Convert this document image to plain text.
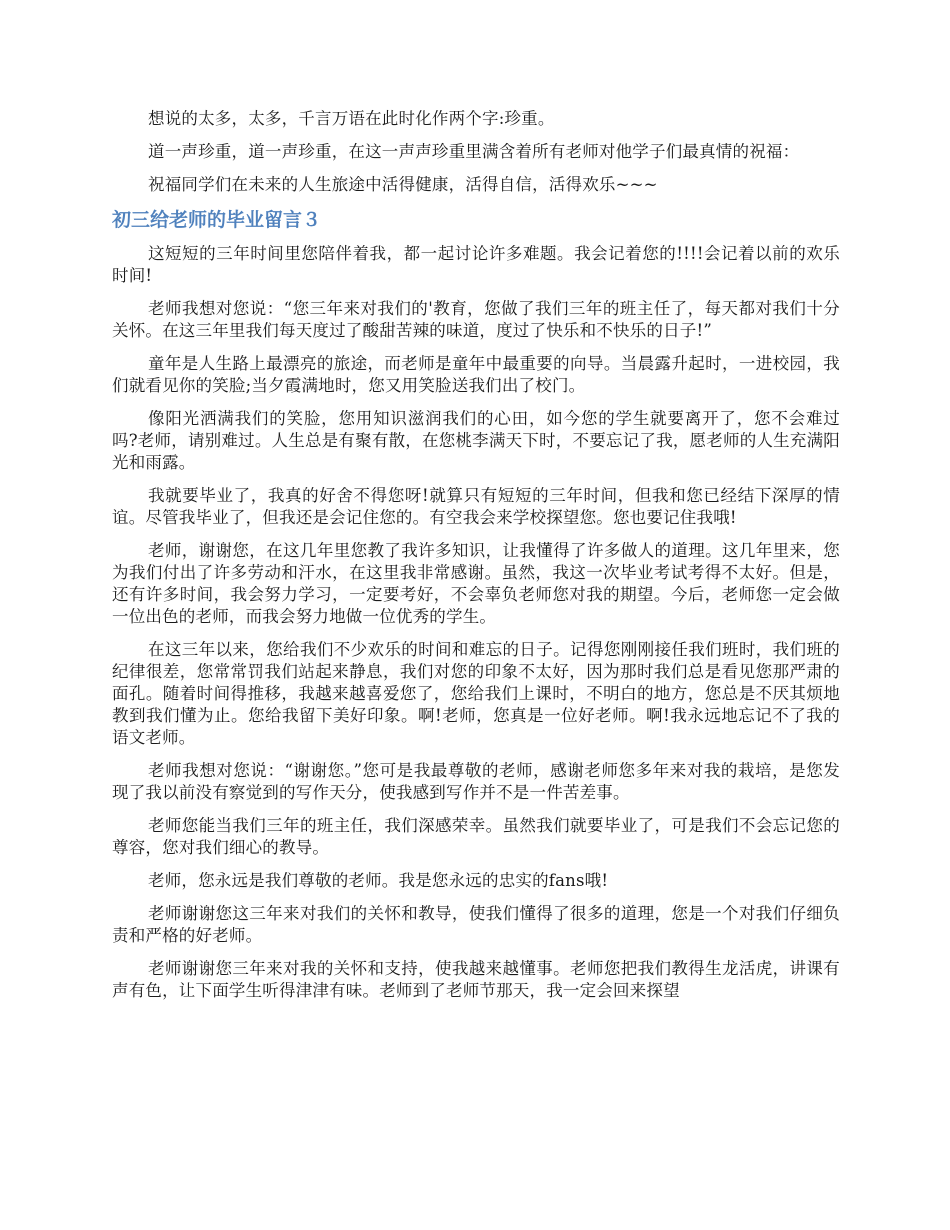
想说的太多，太多，千言万语在此时化作两个字:珍重。

道一声珍重，道一声珍重，在这一声声珍重里满含着所有老师对他学子们最真情的祝福：

祝福同学们在未来的人生旅途中活得健康，活得自信，活得欢乐~~~

初三给老师的毕业留言３

这短短的三年时间里您陪伴着我，都一起讨论许多难题。我会记着您的!!!!会记着以前的欢乐时间!

老师我想对您说：“您三年来对我们的'教育，您做了我们三年的班主任了，每天都对我们十分关怀。在这三年里我们每天度过了酸甜苦辣的味道，度过了快乐和不快乐的日子!”

童年是人生路上最漂亮的旅途，而老师是童年中最重要的向导。当晨露升起时，一进校园，我们就看见你的笑脸;当夕霞满地时，您又用笑脸送我们出了校门。

像阳光洒满我们的笑脸，您用知识滋润我们的心田，如今您的学生就要离开了，您不会难过吗?老师，请别难过。人生总是有聚有散，在您桃李满天下时，不要忘记了我，愿老师的人生充满阳光和雨露。

我就要毕业了，我真的好舍不得您呀!就算只有短短的三年时间，但我和您已经结下深厚的情谊。尽管我毕业了，但我还是会记住您的。有空我会来学校探望您。您也要记住我哦!

老师，谢谢您，在这几年里您教了我许多知识，让我懂得了许多做人的道理。这几年里来，您为我们付出了许多劳动和汗水，在这里我非常感谢。虽然，我这一次毕业考试考得不太好。但是，还有许多时间，我会努力学习，一定要考好，不会辜负老师您对我的期望。今后，老师您一定会做一位出色的老师，而我会努力地做一位优秀的学生。

在这三年以来，您给我们不少欢乐的时间和难忘的日子。记得您刚刚接任我们班时，我们班的纪律很差，您常常罚我们站起来静息，我们对您的印象不太好，因为那时我们总是看见您那严肃的面孔。随着时间得推移，我越来越喜爱您了，您给我们上课时，不明白的地方，您总是不厌其烦地教到我们懂为止。您给我留下美好印象。啊!老师，您真是一位好老师。啊!我永远地忘记不了我的语文老师。

老师我想对您说：“谢谢您。”您可是我最尊敬的老师，感谢老师您多年来对我的栽培，是您发现了我以前没有察觉到的写作天分，使我感到写作并不是一件苦差事。

老师您能当我们三年的班主任，我们深感荣幸。虽然我们就要毕业了，可是我们不会忘记您的尊容，您对我们细心的教导。

老师，您永远是我们尊敬的老师。我是您永远的忠实的fans哦!

老师谢谢您这三年来对我们的关怀和教导，使我们懂得了很多的道理，您是一个对我们仔细负责和严格的好老师。

老师谢谢您三年来对我的关怀和支持，使我越来越懂事。老师您把我们教得生龙活虎，讲课有声有色，让下面学生听得津津有味。老师到了老师节那天，我一定会回来探望
